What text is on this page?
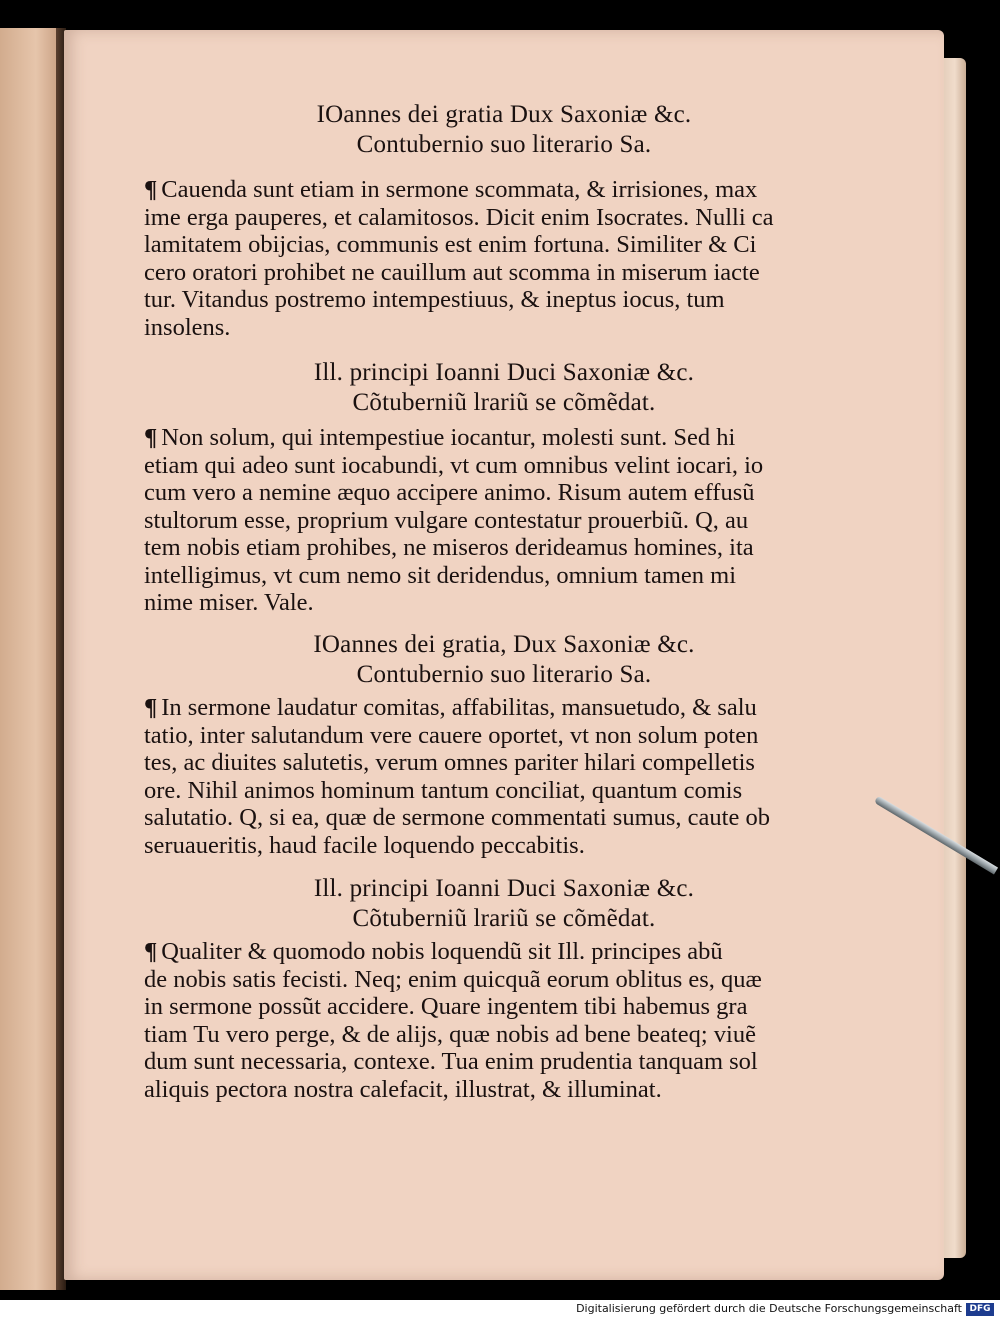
IOannes dei gratia Dux Saxoniæ &c.
Contubernio suo literario Sa.
¶ Cauenda sunt etiam in sermone scommata, & irrisiones, max
ime erga pauperes, et calamitosos. Dicit enim Isocrates. Nulli ca
lamitatem obijcias, communis est enim fortuna. Similiter & Ci
cero oratori prohibet ne cauillum aut scomma in miserum iacte
tur. Vitandus postremo intempestiuus, & ineptus iocus, tum
insolens.
Ill. principi Ioanni Duci Saxoniæ &c.
Cõtuberniũ lrariũ se cõmẽdat.
¶ Non solum, qui intempestiue iocantur, molesti sunt. Sed hi
etiam qui adeo sunt iocabundi, vt cum omnibus velint iocari, io
cum vero a nemine æquo accipere animo. Risum autem effusũ
stultorum esse, proprium vulgare contestatur prouerbiũ. Q, au
tem nobis etiam prohibes, ne miseros derideamus homines, ita
intelligimus, vt cum nemo sit deridendus, omnium tamen mi
nime miser. Vale.
IOannes dei gratia, Dux Saxoniæ &c.
Contubernio suo literario Sa.
¶ In sermone laudatur comitas, affabilitas, mansuetudo, & salu
tatio, inter salutandum vere cauere oportet, vt non solum poten
tes, ac diuites salutetis, verum omnes pariter hilari compelletis
ore. Nihil animos hominum tantum conciliat, quantum comis
salutatio. Q, si ea, quæ de sermone commentati sumus, caute ob
seruaueritis, haud facile loquendo peccabitis.
Ill. principi Ioanni Duci Saxoniæ &c.
Cõtuberniũ lrariũ se cõmẽdat.
¶ Qualiter & quomodo nobis loquendũ sit Ill. principes abũ
de nobis satis fecisti. Neq; enim quicquã eorum oblitus es, quæ
in sermone possũt accidere. Quare ingentem tibi habemus gra
tiam Tu vero perge, & de alijs, quæ nobis ad bene beateq; viuẽ
dum sunt necessaria, contexe. Tua enim prudentia tanquam sol
aliquis pectora nostra calefacit, illustrat, & illuminat.
Digitalisierung gefördert durch die Deutsche Forschungsgemeinschaft DFG
